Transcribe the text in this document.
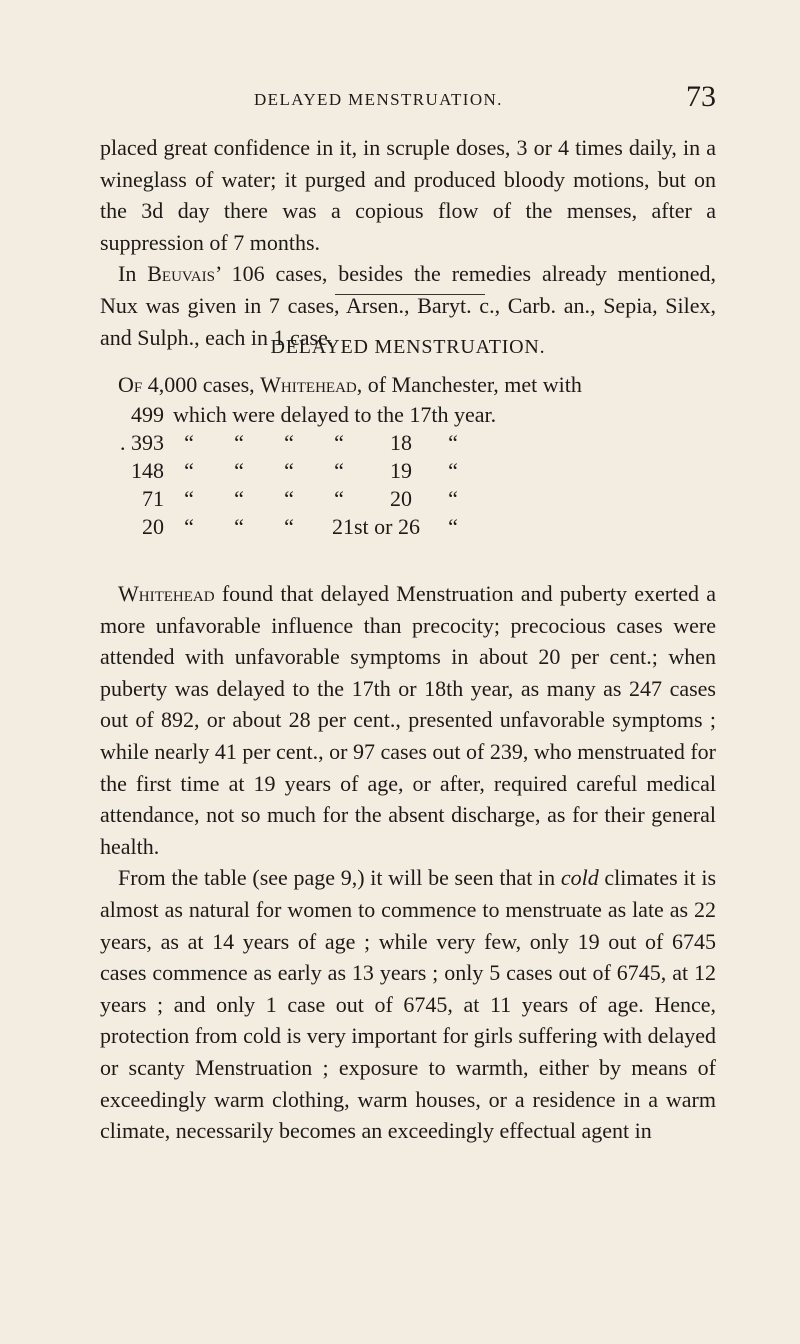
DELAYED MENSTRUATION.	73

placed great confidence in it, in scruple doses, 3 or 4 times daily, in a wineglass of water; it purged and produced bloody motions, but on the 3d day there was a copious flow of the menses, after a suppression of 7 months.

In Beuvais’ 106 cases, besides the remedies already mentioned, Nux was given in 7 cases, Arsen., Baryt. c., Carb. an., Sepia, Silex, and Sulph., each in 1 case.

DELAYED MENSTRUATION.

Of 4,000 cases, Whitehead, of Manchester, met with

499 which were delayed to the 17th year.
. 393 “	“	“	“	18	“
148 “	“	“	“	19	“
71 “	“	“	“	20	“
20 “	“	“	21st or 26	“

Whitehead found that delayed Menstruation and puberty exerted a more unfavorable influence than precocity; precocious cases were attended with unfavorable symptoms in about 20 per cent.; when puberty was delayed to the 17th or 18th year, as many as 247 cases out of 892, or about 28 per cent., presented unfavorable symptoms ; while nearly 41 per cent., or 97 cases out of 239, who menstruated for the first time at 19 years of age, or after, required careful medical attendance, not so much for the absent discharge, as for their general health.

From the table (see page 9,) it will be seen that in cold climates it is almost as natural for women to commence to menstruate as late as 22 years, as at 14 years of age ; while very few, only 19 out of 6745 cases commence as early as 13 years ; only 5 cases out of 6745, at 12 years ; and only 1 case out of 6745, at 11 years of age. Hence, protection from cold is very important for girls suffering with delayed or scanty Menstruation ; exposure to warmth, either by means of exceedingly warm clothing, warm houses, or a residence in a warm climate, necessarily becomes an exceedingly effectual agent in
